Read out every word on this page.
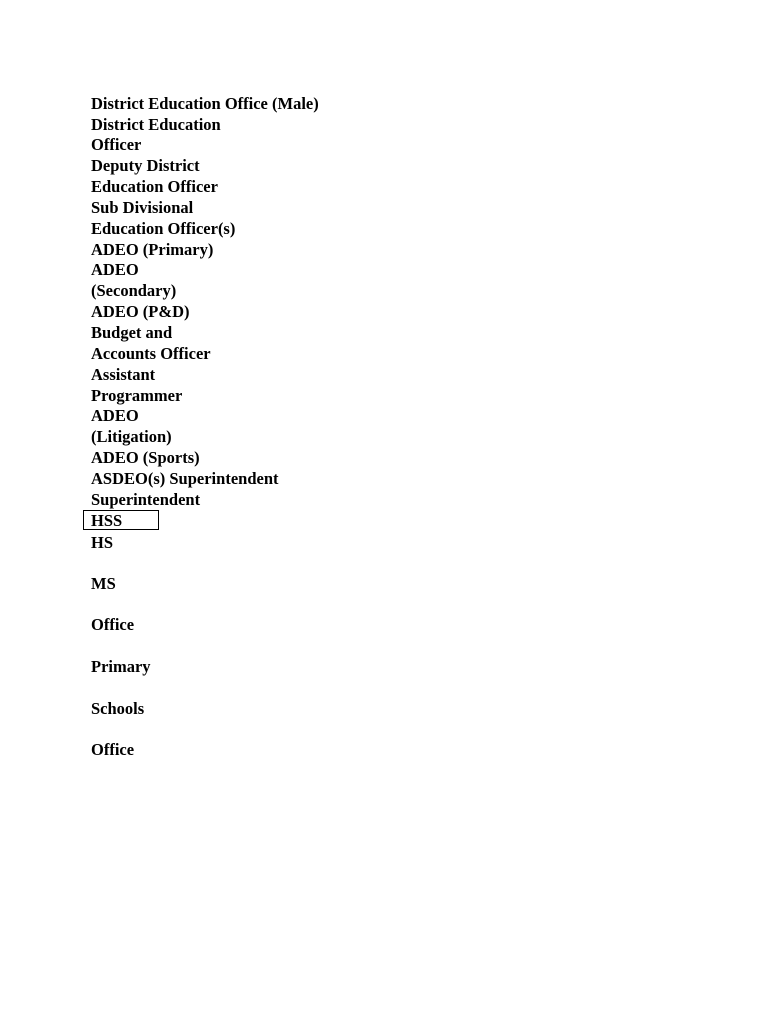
District Education Office (Male)
District Education
Officer
Deputy District
Education Officer
Sub Divisional
Education Officer(s)
ADEO (Primary)
ADEO
(Secondary)
ADEO (P&D)
Budget and
Accounts Officer
Assistant
Programmer
ADEO
(Litigation)
ADEO (Sports)
ASDEO(s) Superintendent
Superintendent
HSS
HS
MS
Office
Primary
Schools
Office
